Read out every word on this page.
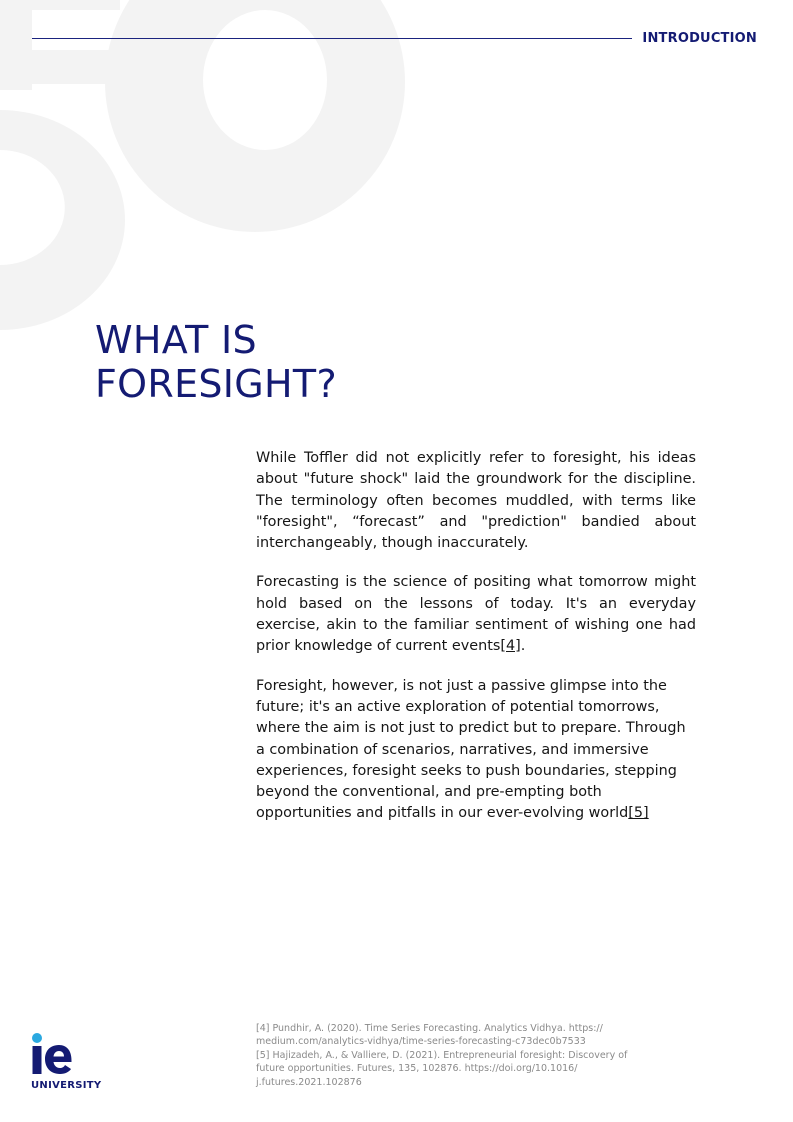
INTRODUCTION
WHAT IS
FORESIGHT?

While Toffler did not explicitly refer to foresight, his ideas about "future shock" laid the groundwork for the discipline. The terminology often becomes muddled, with terms like "foresight", “forecast” and "prediction" bandied about interchangeably, though inaccurately.

Forecasting is the science of positing what tomorrow might hold based on the lessons of today. It's an everyday exercise, akin to the familiar sentiment of wishing one had prior knowledge of current events[4].

Foresight, however, is not just a passive glimpse into the future; it's an active exploration of potential tomorrows, where the aim is not just to predict but to prepare. Through a combination of scenarios, narratives, and immersive experiences, foresight seeks to push boundaries, stepping beyond the conventional, and pre-empting both opportunities and pitfalls in our ever-evolving world[5]

[4] Pundhir, A. (2020). Time Series Forecasting. Analytics Vidhya. https://
medium.com/analytics-vidhya/time-series-forecasting-c73dec0b7533
[5] Hajizadeh, A., & Valliere, D. (2021). Entrepreneurial foresight: Discovery of
future opportunities. Futures, 135, 102876. https://doi.org/10.1016/
j.futures.2021.102876
UNIVERSITY
